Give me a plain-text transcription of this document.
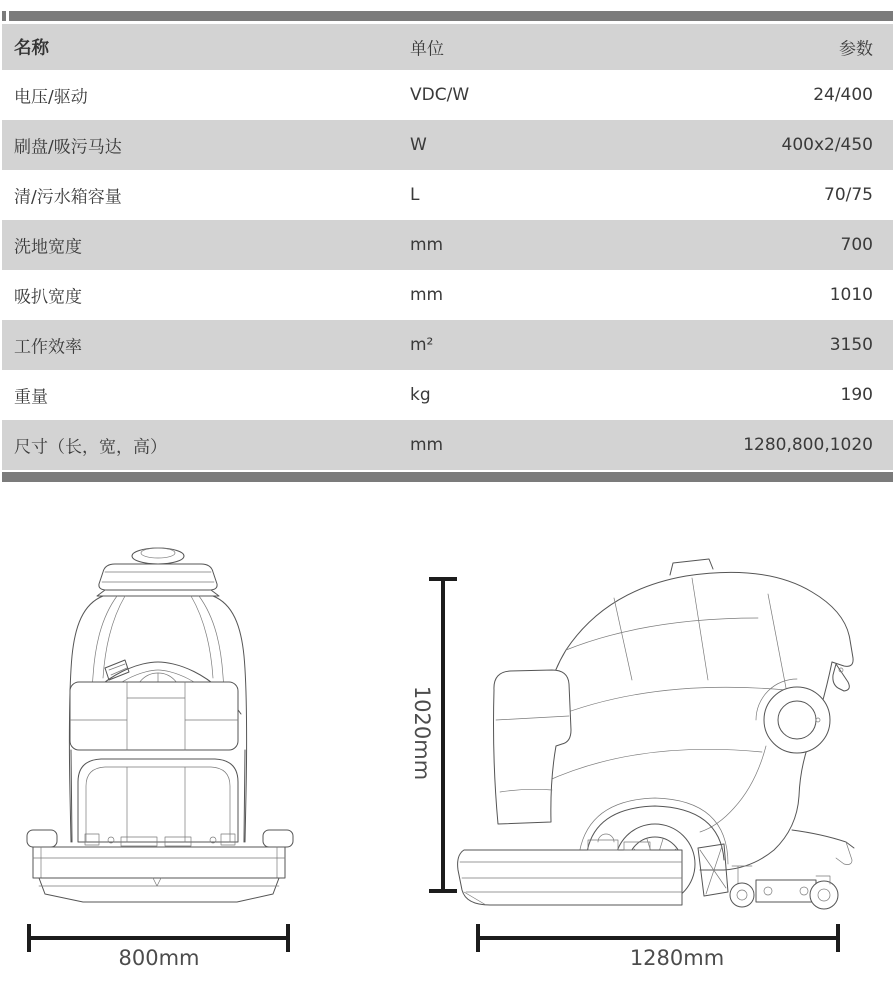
名称	单位	参数
电压/驱动	VDC/W	24/400
刷盘/吸污马达	W	400x2/450
清/污水箱容量	L	70/75
洗地宽度	mm	700
吸扒宽度	mm	1010
工作效率	m²	3150
重量	kg	190
尺寸（长，宽，高）	mm	1280,800,1020
800mm
1020mm
1280mm
